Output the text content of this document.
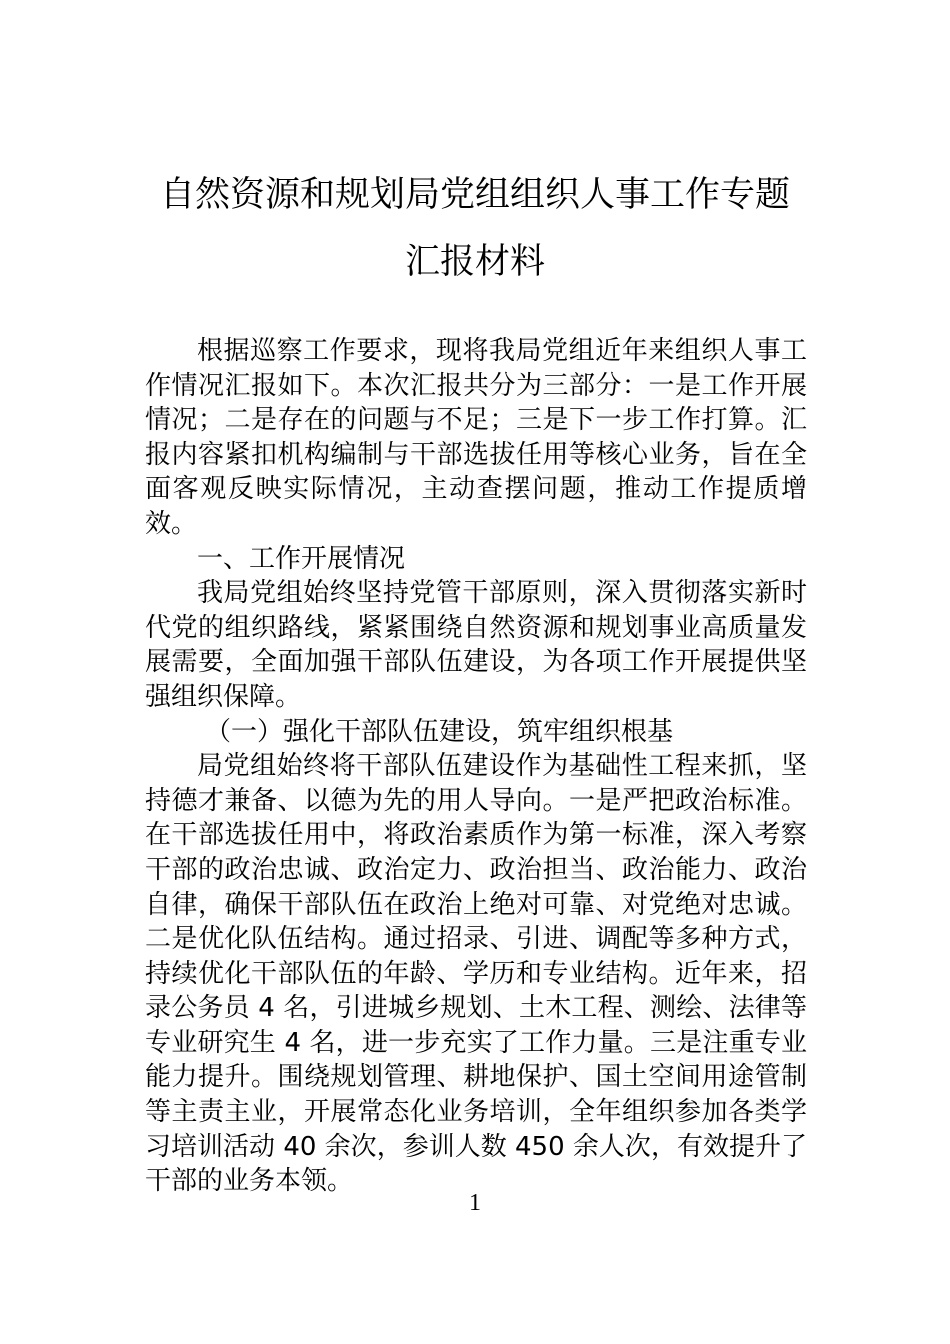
自然资源和规划局党组组织人事工作专题
汇报材料

根据巡察工作要求，现将我局党组近年来组织人事工作情况汇报如下。本次汇报共分为三部分：一是工作开展情况；二是存在的问题与不足；三是下一步工作打算。汇报内容紧扣机构编制与干部选拔任用等核心业务，旨在全面客观反映实际情况，主动查摆问题，推动工作提质增效。

一、工作开展情况

我局党组始终坚持党管干部原则，深入贯彻落实新时代党的组织路线，紧紧围绕自然资源和规划事业高质量发展需要，全面加强干部队伍建设，为各项工作开展提供坚强组织保障。

（一）强化干部队伍建设，筑牢组织根基

局党组始终将干部队伍建设作为基础性工程来抓，坚持德才兼备、以德为先的用人导向。一是严把政治标准。在干部选拔任用中，将政治素质作为第一标准，深入考察干部的政治忠诚、政治定力、政治担当、政治能力、政治自律，确保干部队伍在政治上绝对可靠、对党绝对忠诚。二是优化队伍结构。通过招录、引进、调配等多种方式，持续优化干部队伍的年龄、学历和专业结构。近年来，招录公务员 4 名，引进城乡规划、土木工程、测绘、法律等专业研究生 4 名，进一步充实了工作力量。三是注重专业能力提升。围绕规划管理、耕地保护、国土空间用途管制等主责主业，开展常态化业务培训，全年组织参加各类学习培训活动 40 余次，参训人数 450 余人次，有效提升了干部的业务本领。

1
